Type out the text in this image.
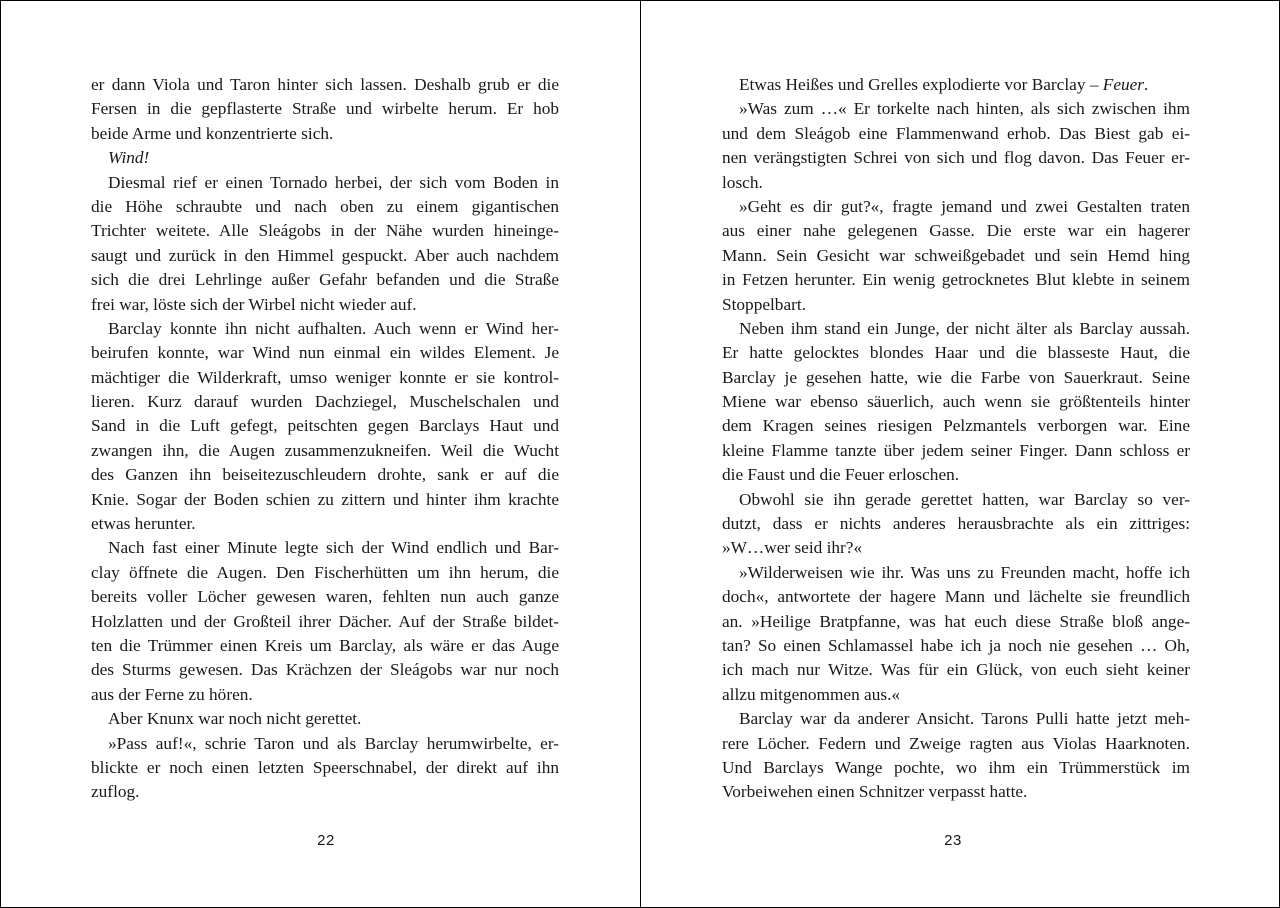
er dann Viola und Taron hinter sich lassen. Deshalb grub er die
Fersen in die gepflasterte Straße und wirbelte herum. Er hob
beide Arme und konzentrierte sich.
Wind!
Diesmal rief er einen Tornado herbei, der sich vom Boden in
die Höhe schraubte und nach oben zu einem gigantischen
Trichter weitete. Alle Sleágobs in der Nähe wurden hineinge-
saugt und zurück in den Himmel gespuckt. Aber auch nachdem
sich die drei Lehrlinge außer Gefahr befanden und die Straße
frei war, löste sich der Wirbel nicht wieder auf.
Barclay konnte ihn nicht aufhalten. Auch wenn er Wind her-
beirufen konnte, war Wind nun einmal ein wildes Element. Je
mächtiger die Wilderkraft, umso weniger konnte er sie kontrol-
lieren. Kurz darauf wurden Dachziegel, Muschelschalen und
Sand in die Luft gefegt, peitschten gegen Barclays Haut und
zwangen ihn, die Augen zusammenzukneifen. Weil die Wucht
des Ganzen ihn beiseitezuschleudern drohte, sank er auf die
Knie. Sogar der Boden schien zu zittern und hinter ihm krachte
etwas herunter.
Nach fast einer Minute legte sich der Wind endlich und Bar-
clay öffnete die Augen. Den Fischerhütten um ihn herum, die
bereits voller Löcher gewesen waren, fehlten nun auch ganze
Holzlatten und der Großteil ihrer Dächer. Auf der Straße bildet-
ten die Trümmer einen Kreis um Barclay, als wäre er das Auge
des Sturms gewesen. Das Krächzen der Sleágobs war nur noch
aus der Ferne zu hören.
Aber Knunx war noch nicht gerettet.
»Pass auf!«, schrie Taron und als Barclay herumwirbelte, er-
blickte er noch einen letzten Speerschnabel, der direkt auf ihn
zuflog.
22
Etwas Heißes und Grelles explodierte vor Barclay – Feuer.
»Was zum …« Er torkelte nach hinten, als sich zwischen ihm
und dem Sleágob eine Flammenwand erhob. Das Biest gab ei-
nen verängstigten Schrei von sich und flog davon. Das Feuer er-
losch.
»Geht es dir gut?«, fragte jemand und zwei Gestalten traten
aus einer nahe gelegenen Gasse. Die erste war ein hagerer
Mann. Sein Gesicht war schweißgebadet und sein Hemd hing
in Fetzen herunter. Ein wenig getrocknetes Blut klebte in seinem
Stoppelbart.
Neben ihm stand ein Junge, der nicht älter als Barclay aussah.
Er hatte gelocktes blondes Haar und die blasseste Haut, die
Barclay je gesehen hatte, wie die Farbe von Sauerkraut. Seine
Miene war ebenso säuerlich, auch wenn sie größtenteils hinter
dem Kragen seines riesigen Pelzmantels verborgen war. Eine
kleine Flamme tanzte über jedem seiner Finger. Dann schloss er
die Faust und die Feuer erloschen.
Obwohl sie ihn gerade gerettet hatten, war Barclay so ver-
dutzt, dass er nichts anderes herausbrachte als ein zittriges:
»W…wer seid ihr?«
»Wilderweisen wie ihr. Was uns zu Freunden macht, hoffe ich
doch«, antwortete der hagere Mann und lächelte sie freundlich
an. »Heilige Bratpfanne, was hat euch diese Straße bloß ange-
tan? So einen Schlamassel habe ich ja noch nie gesehen … Oh,
ich mach nur Witze. Was für ein Glück, von euch sieht keiner
allzu mitgenommen aus.«
Barclay war da anderer Ansicht. Tarons Pulli hatte jetzt meh-
rere Löcher. Federn und Zweige ragten aus Violas Haarknoten.
Und Barclays Wange pochte, wo ihm ein Trümmerstück im
Vorbeiwehen einen Schnitzer verpasst hatte.
23
